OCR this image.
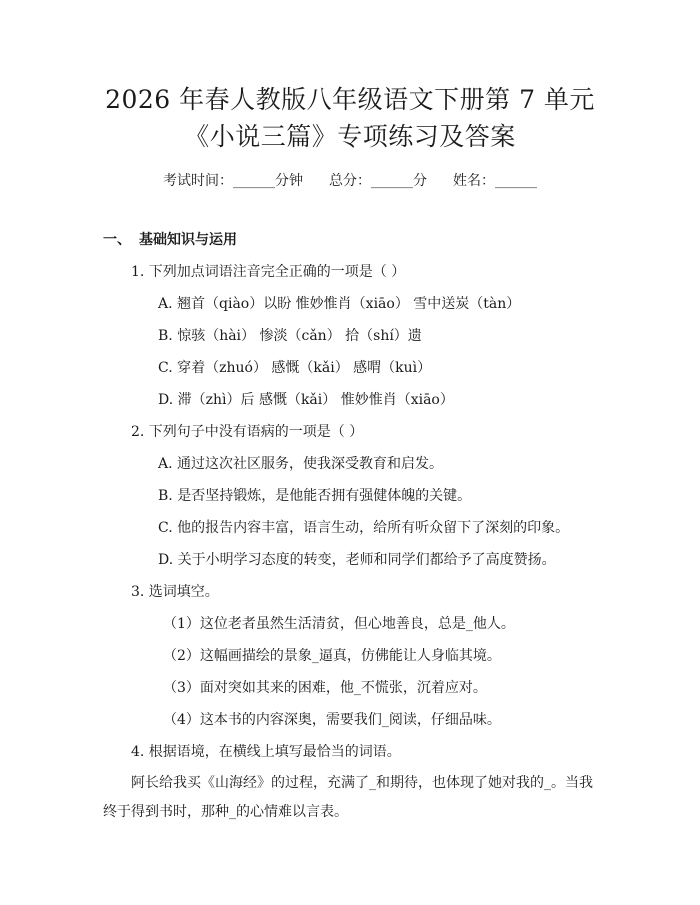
2026 年春人教版八年级语文下册第 7 单元
《小说三篇》专项练习及答案
考试时间：______分钟 总分：______分 姓名：______
一、 基础知识与运用
1. 下列加点词语注音完全正确的一项是（ ）
A. 翘首（qiào）以盼 惟妙惟肖（xiāo） 雪中送炭（tàn）
B. 惊骇（hài） 惨淡（cǎn） 拾（shí）遗
C. 穿着（zhuó） 感慨（kǎi） 感喟（kuì）
D. 滞（zhì）后 感慨（kǎi） 惟妙惟肖（xiāo）
2. 下列句子中没有语病的一项是（ ）
A. 通过这次社区服务，使我深受教育和启发。
B. 是否坚持锻炼，是他能否拥有强健体魄的关键。
C. 他的报告内容丰富，语言生动，给所有听众留下了深刻的印象。
D. 关于小明学习态度的转变，老师和同学们都给予了高度赞扬。
3. 选词填空。
（1）这位老者虽然生活清贫，但心地善良，总是_他人。
（2）这幅画描绘的景象_逼真，仿佛能让人身临其境。
（3）面对突如其来的困难，他_不慌张，沉着应对。
（4）这本书的内容深奥，需要我们_阅读，仔细品味。
4. 根据语境，在横线上填写最恰当的词语。
阿长给我买《山海经》的过程，充满了_和期待，也体现了她对我的_。当我终于得到书时，那种_的心情难以言表。
